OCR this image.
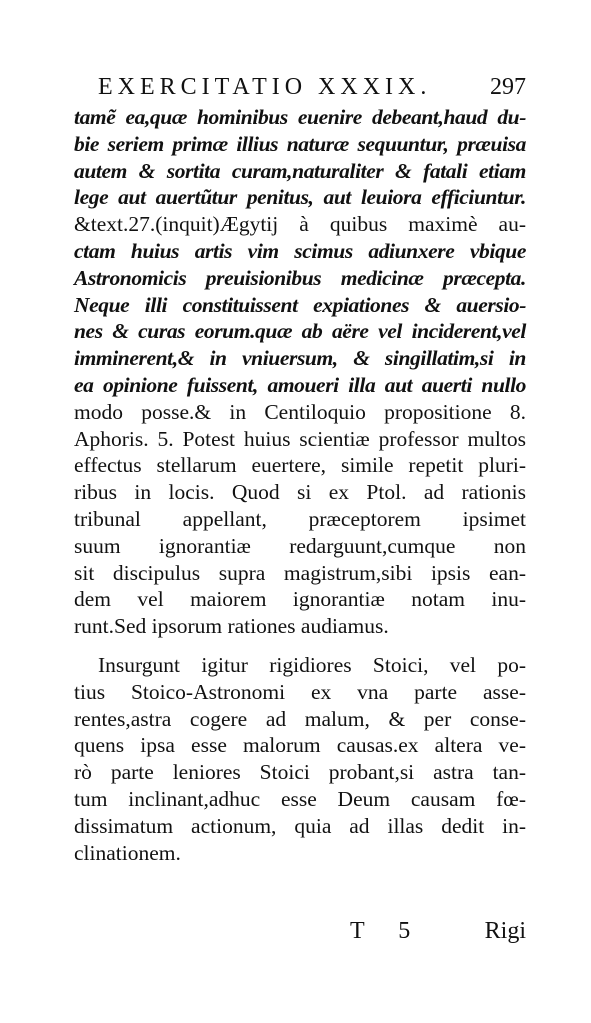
EXERCITATIO XXXIX. 297
tamẽ ea,quæ hominibus euenire debeant,haud du-
bie seriem primæ illius naturæ sequuntur, præuisa
autem & sortita curam,naturaliter & fatali etiam
lege aut auertũtur penitus, aut leuiora efficiuntur.
&text.27.(inquit)Ægytij à quibus maximè au-
ctam huius artis vim scimus adiunxere vbique
Astronomicis preuisionibus medicinæ præcepta.
Neque illi constituissent expiationes & auersio-
nes & curas eorum.quæ ab aëre vel inciderent,vel
imminerent,& in vniuersum, & singillatim,si in
ea opinione fuissent, amoueri illa aut auerti nullo
modo posse.& in Centiloquio propositione 8.
Aphoris. 5. Potest huius scientiæ professor multos
effectus stellarum euertere, simile repetit pluri-
ribus in locis. Quod si ex Ptol. ad rationis
tribunal appellant, præceptorem ipsimet
suum ignorantiæ redarguunt,cumque non
sit discipulus supra magistrum,sibi ipsis ean-
dem vel maiorem ignorantiæ notam inu-
runt.Sed ipsorum rationes audiamus.
Insurgunt igitur rigidiores Stoici, vel po-
tius Stoico-Astronomi ex vna parte asse-
rentes,astra cogere ad malum, & per conse-
quens ipsa esse malorum causas.ex altera ve-
rò parte leniores Stoici probant,si astra tan-
tum inclinant,adhuc esse Deum causam fœ-
dissimatum actionum, quia ad illas dedit in-
clinationem.
T 5	Rigi
